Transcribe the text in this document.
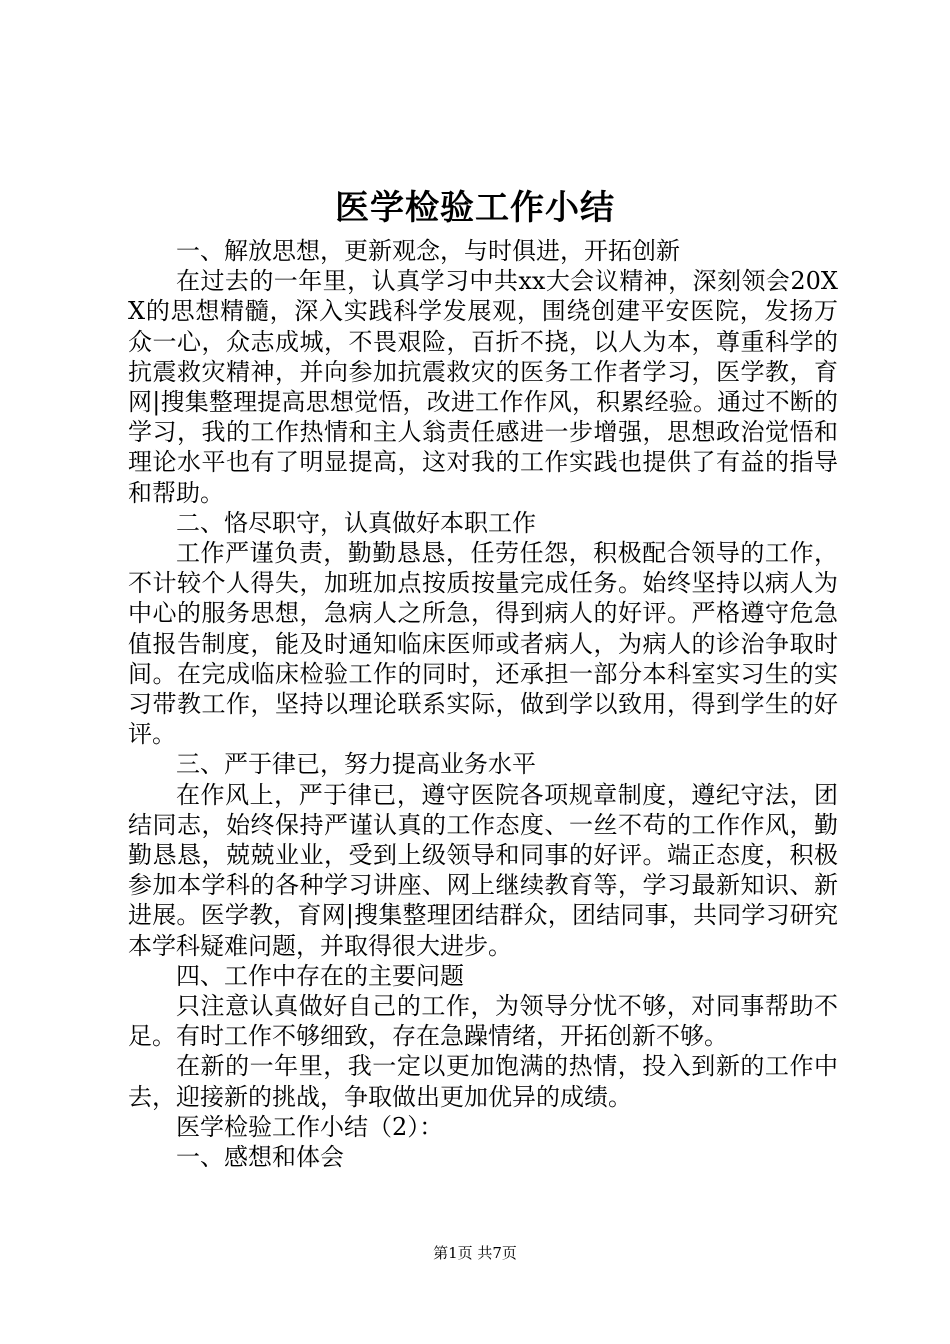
医学检验工作小结

一、解放思想，更新观念，与时俱进，开拓创新

在过去的一年里，认真学习中共xx大会议精神，深刻领会20XX的思想精髓，深入实践科学发展观，围绕创建平安医院，发扬万众一心，众志成城，不畏艰险，百折不挠，以人为本，尊重科学的抗震救灾精神，并向参加抗震救灾的医务工作者学习，医学教，育网|搜集整理提高思想觉悟，改进工作作风，积累经验。通过不断的学习，我的工作热情和主人翁责任感进一步增强，思想政治觉悟和理论水平也有了明显提高，这对我的工作实践也提供了有益的指导和帮助。

二、恪尽职守，认真做好本职工作

工作严谨负责，勤勤恳恳，任劳任怨，积极配合领导的工作，不计较个人得失，加班加点按质按量完成任务。始终坚持以病人为中心的服务思想，急病人之所急，得到病人的好评。严格遵守危急值报告制度，能及时通知临床医师或者病人，为病人的诊治争取时间。在完成临床检验工作的同时，还承担一部分本科室实习生的实习带教工作，坚持以理论联系实际，做到学以致用，得到学生的好评。

三、严于律已，努力提高业务水平

在作风上，严于律已，遵守医院各项规章制度，遵纪守法，团结同志，始终保持严谨认真的工作态度、一丝不苟的工作作风，勤勤恳恳，兢兢业业，受到上级领导和同事的好评。端正态度，积极参加本学科的各种学习讲座、网上继续教育等，学习最新知识、新进展。医学教，育网|搜集整理团结群众，团结同事，共同学习研究本学科疑难问题，并取得很大进步。

四、工作中存在的主要问题

只注意认真做好自己的工作，为领导分忧不够，对同事帮助不足。有时工作不够细致，存在急躁情绪，开拓创新不够。

在新的一年里，我一定以更加饱满的热情，投入到新的工作中去，迎接新的挑战，争取做出更加优异的成绩。

医学检验工作小结（2）：

一、感想和体会

第1页 共7页
